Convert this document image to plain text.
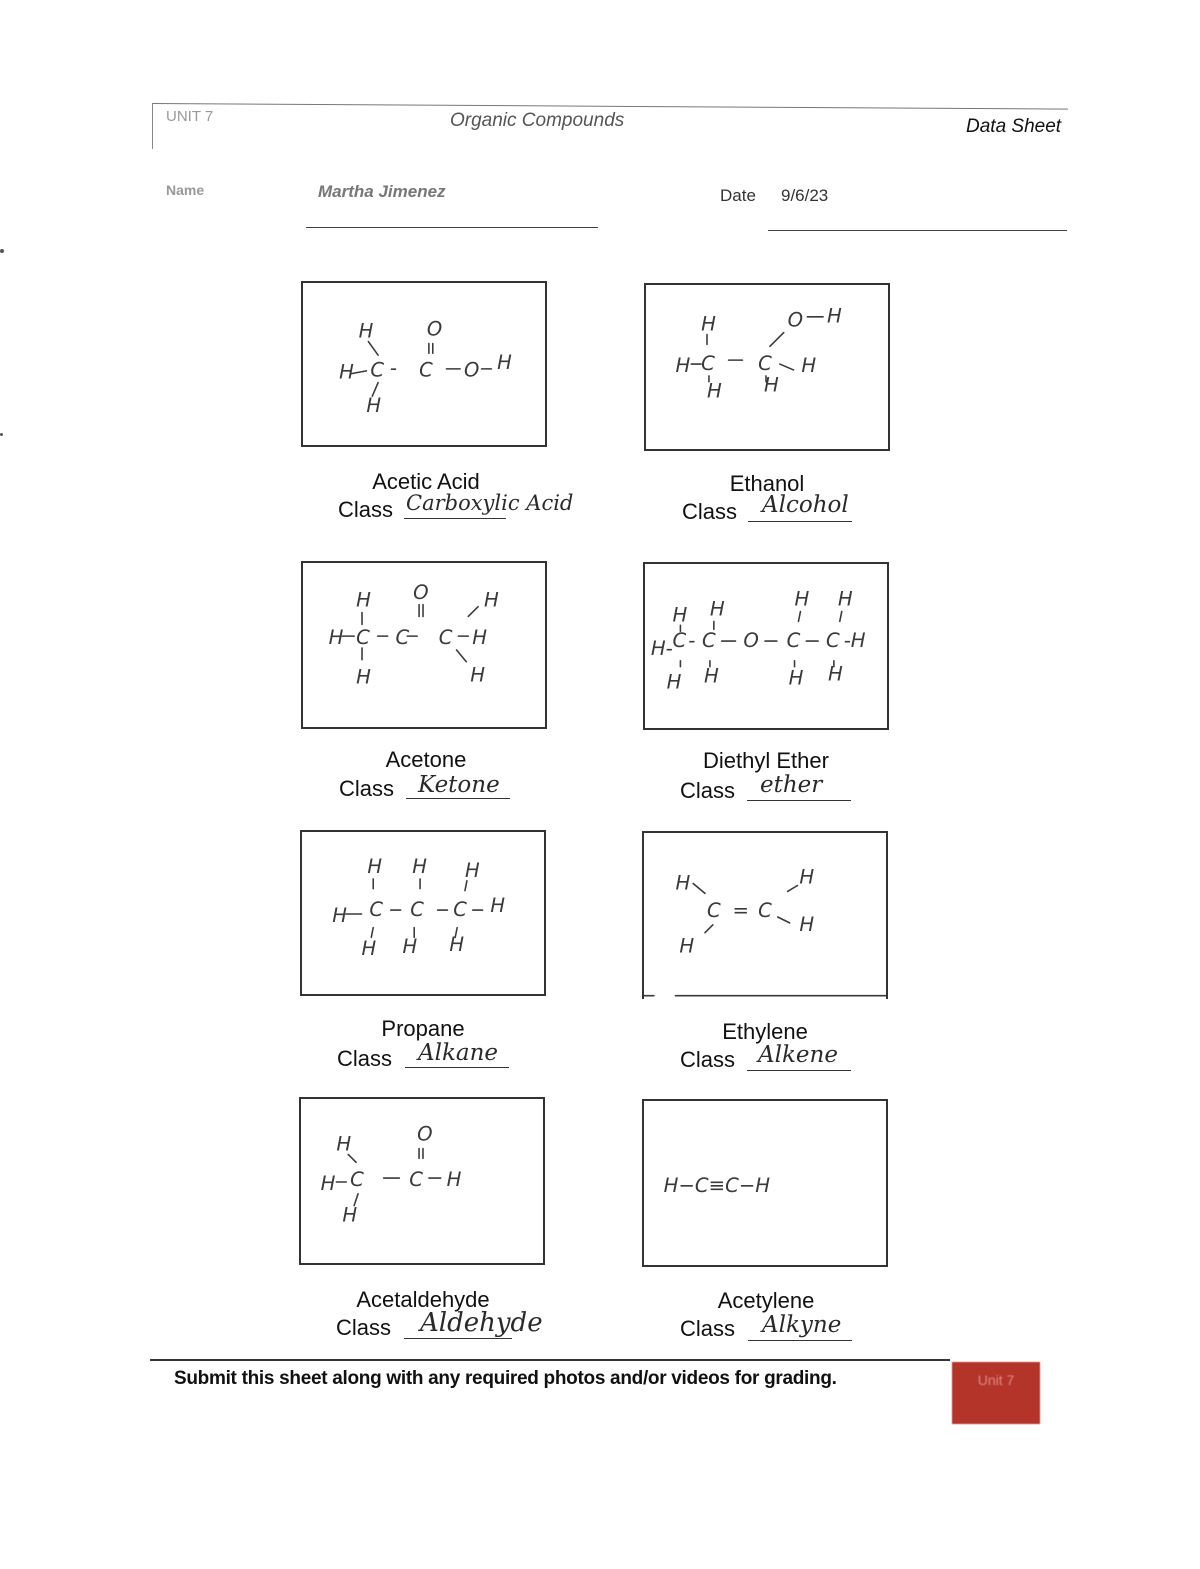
UNIT 7	Organic Compounds	Data Sheet
Name	Martha Jimenez	Date 9/6/23
H
H C - C
O
O H
H
Acetic Acid
Class Carboxylic Acid
H
H C C
O H
H
H H
Ethanol
Class Alcohol
H
H C C
O
C H
H
H	H
Acetone
Class Ketone
H H	H H
H- C - C O C C -H
H H	H H
Diethyl Ether
Class ether
H H H
H C C C H
H H H
Propane
Class Alkane
H
C = C
H
H
H
Ethylene
Class Alkene
H	O
H C C H
H
Acetaldehyde
Class Aldehyde
H−C≡C−H
Acetylene
Class Alkyne
Submit this sheet along with any required photos and/or videos for grading.	Unit 7
